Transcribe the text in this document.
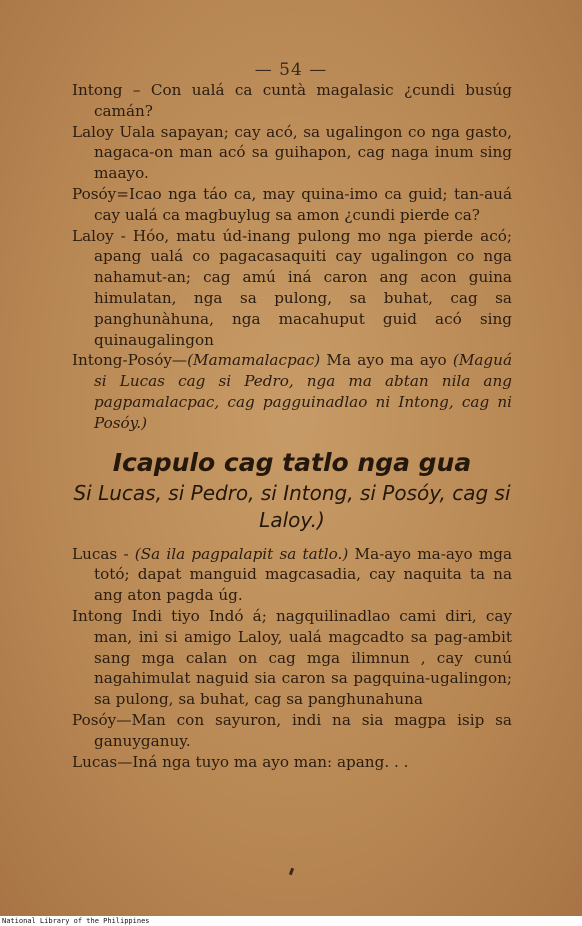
— 54 —

Intong – Con ualá ca cuntà magalasic ¿cundi busúg camán?

Laloy Uala sapayan; cay acó, sa ugalingon co nga gasto, nagaca-on man acó sa guihapon, cag naga inum sing maayo.

Posóy=Icao nga táo ca, may quina-imo ca guid; tan-auá cay ualá ca magbuylug sa amon ¿cundi pierde ca?

Laloy - Hóo, matu úd-inang pulong mo nga pierde acó; apang ualá co pagacasaquiti cay ugalingon co nga nahamut-an; cag amú iná caron ang acon guina himulatan, nga sa pulong, sa buhat, cag sa panghunàhuna, nga macahuput guid acó sing quinaugalingon

Intong-Posóy—(Mamamalacpac) Ma ayo ma ayo (Maguá si Lucas cag si Pedro, nga ma abtan nila ang pagpamalacpac, cag pagguinadlao ni Intong, cag ni Posóy.)

Icapulo cag tatlo nga gua
Si Lucas, si Pedro, si Intong, si Posóy, cag si Laloy.)

Lucas - (Sa ila pagpalapit sa tatlo.) Ma-ayo ma-ayo mga totó; dapat manguid magcasadia, cay naquita ta na ang aton pagda úg.

Intong Indi tiyo Indó á; nagquilinadlao cami diri, cay man, ini si amigo Laloy, ualá magcadto sa pag-ambit sang mga calan on cag mga ilimnun , cay cunú nagahimulat naguid sia caron sa pagquina-ugalingon; sa pulong, sa buhat, cag sa panghunahuna

Posóy—Man con sayuron, indi na sia magpa isip sa ganuyganuy.

Lucas—Iná nga tuyo ma ayo man: apang. . .

National Library of the Philippines
